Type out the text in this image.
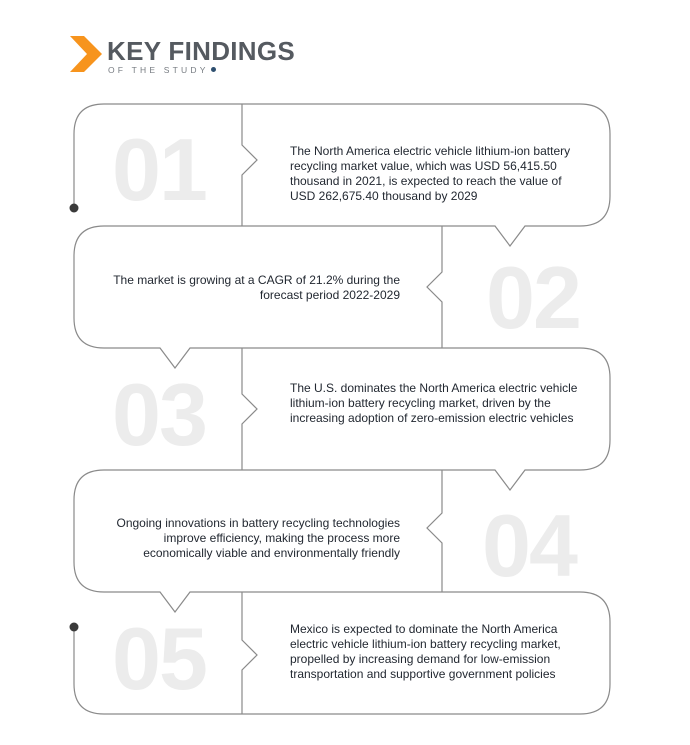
KEY FINDINGS
OF THE STUDY
01	The North America electric vehicle lithium-ion battery recycling market value, which was USD 56,415.50 thousand in 2021, is expected to reach the value of USD 262,675.40 thousand by 2029
02
The market is growing at a CAGR of 21.2% during the forecast period 2022-2029
03	The U.S. dominates the North America electric vehicle lithium-ion battery recycling market, driven by the increasing adoption of zero-emission electric vehicles
04
Ongoing innovations in battery recycling technologies improve efficiency, making the process more economically viable and environmentally friendly
05	Mexico is expected to dominate the North America electric vehicle lithium-ion battery recycling market, propelled by increasing demand for low-emission transportation and supportive government policies
